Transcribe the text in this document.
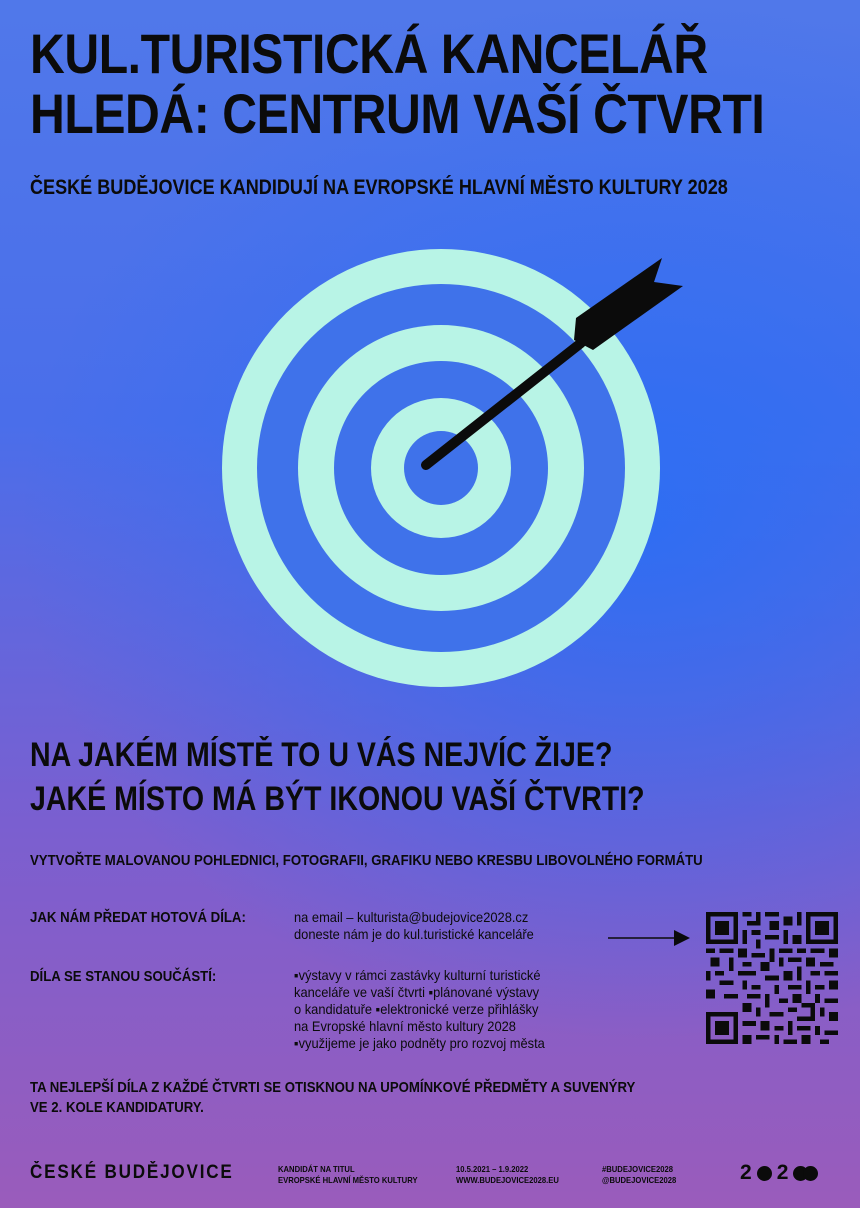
KUL.TURISTICKÁ KANCELÁŘ
HLEDÁ: CENTRUM VAŠÍ ČTVRTI

ČESKÉ BUDĚJOVICE KANDIDUJÍ NA EVROPSKÉ HLAVNÍ MĚSTO KULTURY 2028

NA JAKÉM MÍSTĚ TO U VÁS NEJVÍC ŽIJE?
JAKÉ MÍSTO MÁ BÝT IKONOU VAŠÍ ČTVRTI?

VYTVOŘTE MALOVANOU POHLEDNICI, FOTOGRAFII, GRAFIKU NEBO KRESBU LIBOVOLNÉHO FORMÁTU

JAK NÁM PŘEDAT HOTOVÁ DÍLA:	na email – kulturista@budejovice2028.cz
doneste nám je do kul.turistické kanceláře

DÍLA SE STANOU SOUČÁSTÍ:	▪výstavy v rámci zastávky kulturní turistické
kanceláře ve vaší čtvrti ▪plánované výstavy
o kandidatuře ▪elektronické verze přihlášky
na Evropské hlavní město kultury 2028
▪využijeme je jako podněty pro rozvoj města

TA NEJLEPŠÍ DÍLA Z KAŽDÉ ČTVRTI SE OTISKNOU NA UPOMÍNKOVÉ PŘEDMĚTY A SUVENÝRY
VE 2. KOLE KANDIDATURY.

ČESKÉ BUDĚJOVICE	KANDIDÁT NA TITUL
EVROPSKÉ HLAVNÍ MĚSTO KULTURY

10.5.2021 – 1.9.2022
WWW.BUDEJOVICE2028.EU

#BUDEJOVICE2028
@BUDEJOVICE2028	2 2
